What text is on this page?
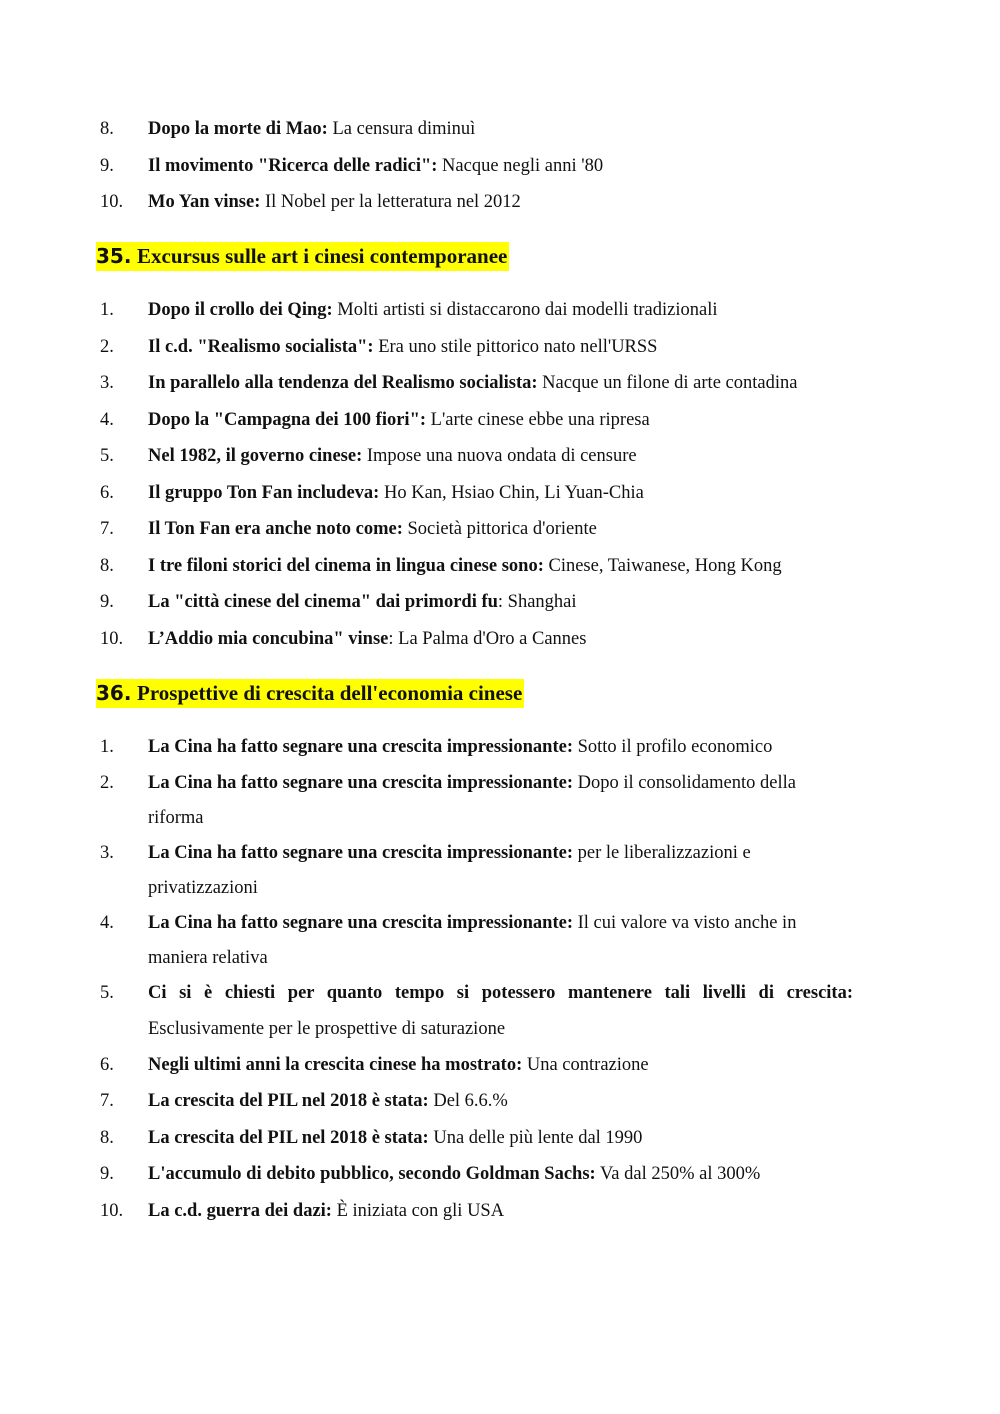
8. Dopo la morte di Mao: La censura diminuì
9. Il movimento "Ricerca delle radici": Nacque negli anni '80
10. Mo Yan vinse: Il Nobel per la letteratura nel 2012
35. Excursus sulle art i cinesi contemporanee
1. Dopo il crollo dei Qing: Molti artisti si distaccarono dai modelli tradizionali
2. Il c.d. "Realismo socialista": Era uno stile pittorico nato nell'URSS
3. In parallelo alla tendenza del Realismo socialista: Nacque un filone di arte contadina
4. Dopo la "Campagna dei 100 fiori": L'arte cinese ebbe una ripresa
5. Nel 1982, il governo cinese: Impose una nuova ondata di censure
6. Il gruppo Ton Fan includeva: Ho Kan, Hsiao Chin, Li Yuan-Chia
7. Il Ton Fan era anche noto come: Società pittorica d'oriente
8. I tre filoni storici del cinema in lingua cinese sono: Cinese, Taiwanese, Hong Kong
9. La "città cinese del cinema" dai primordi fu: Shanghai
10. L’Addio mia concubina" vinse: La Palma d'Oro a Cannes
36. Prospettive di crescita dell'economia cinese
1. La Cina ha fatto segnare una crescita impressionante: Sotto il profilo economico
2. La Cina ha fatto segnare una crescita impressionante: Dopo il consolidamento della riforma
3. La Cina ha fatto segnare una crescita impressionante: per le liberalizzazioni e privatizzazioni
4. La Cina ha fatto segnare una crescita impressionante: Il cui valore va visto anche in maniera relativa
5. Ci si è chiesti per quanto tempo si potessero mantenere tali livelli di crescita:
Esclusivamente per le prospettive di saturazione
6. Negli ultimi anni la crescita cinese ha mostrato: Una contrazione
7. La crescita del PIL nel 2018 è stata: Del 6.6.%
8. La crescita del PIL nel 2018 è stata: Una delle più lente dal 1990
9. L'accumulo di debito pubblico, secondo Goldman Sachs: Va dal 250% al 300%
10. La c.d. guerra dei dazi: È iniziata con gli USA
